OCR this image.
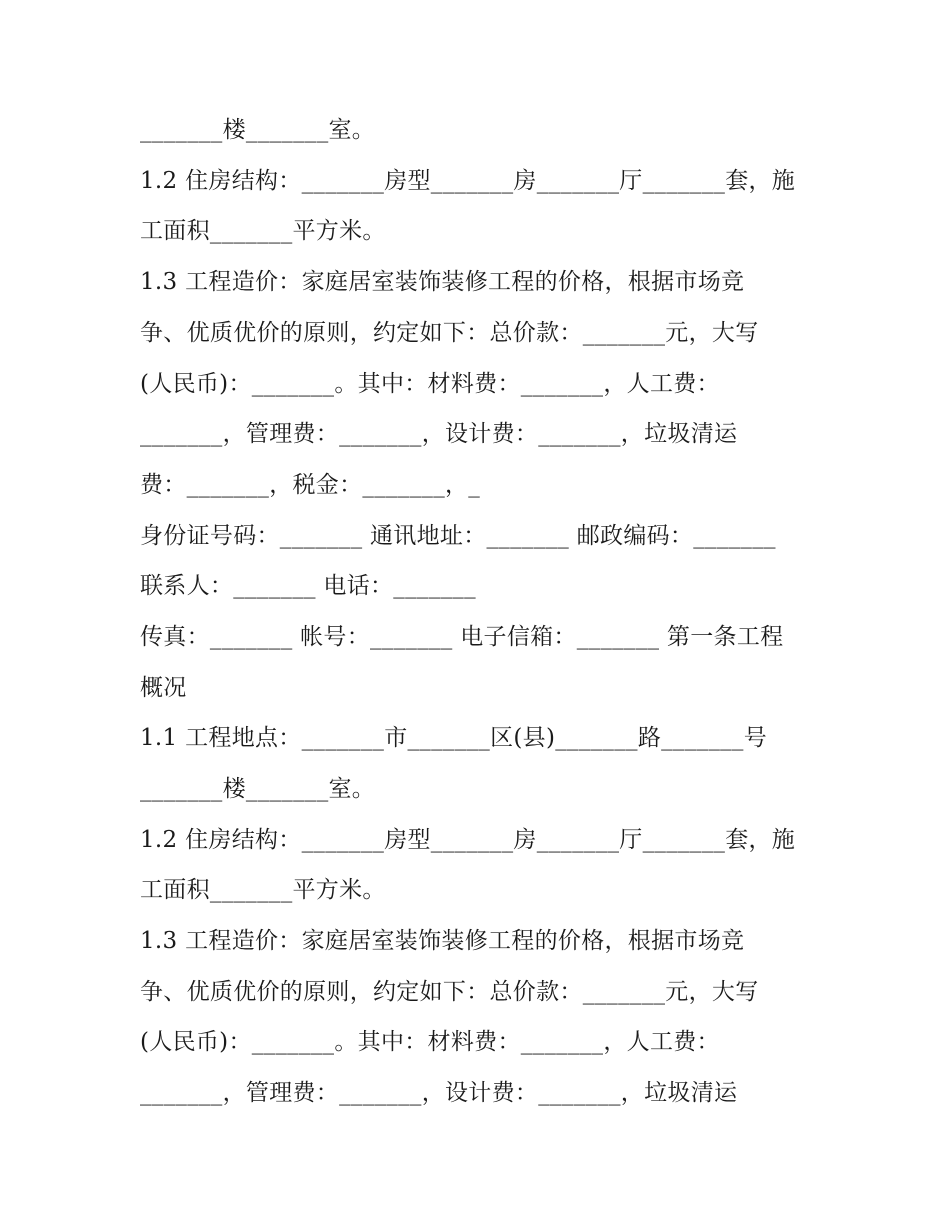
_______楼_______室。
1.2 住房结构：_______房型_______房_______厅_______套，施
工面积_______平方米。
1.3 工程造价：家庭居室装饰装修工程的价格，根据市场竞
争、优质优价的原则，约定如下：总价款：_______元，大写
(人民币)：_______。其中：材料费：_______，人工费：
_______，管理费：_______，设计费：_______，垃圾清运
费：_______，税金：_______，_
身份证号码：_______ 通讯地址：_______ 邮政编码：_______
联系人：_______ 电话：_______
传真：_______ 帐号：_______ 电子信箱：_______ 第一条工程
概况
1.1 工程地点：_______市_______区(县)_______路_______号
_______楼_______室。
1.2 住房结构：_______房型_______房_______厅_______套，施
工面积_______平方米。
1.3 工程造价：家庭居室装饰装修工程的价格，根据市场竞
争、优质优价的原则，约定如下：总价款：_______元，大写
(人民币)：_______。其中：材料费：_______，人工费：
_______，管理费：_______，设计费：_______，垃圾清运
